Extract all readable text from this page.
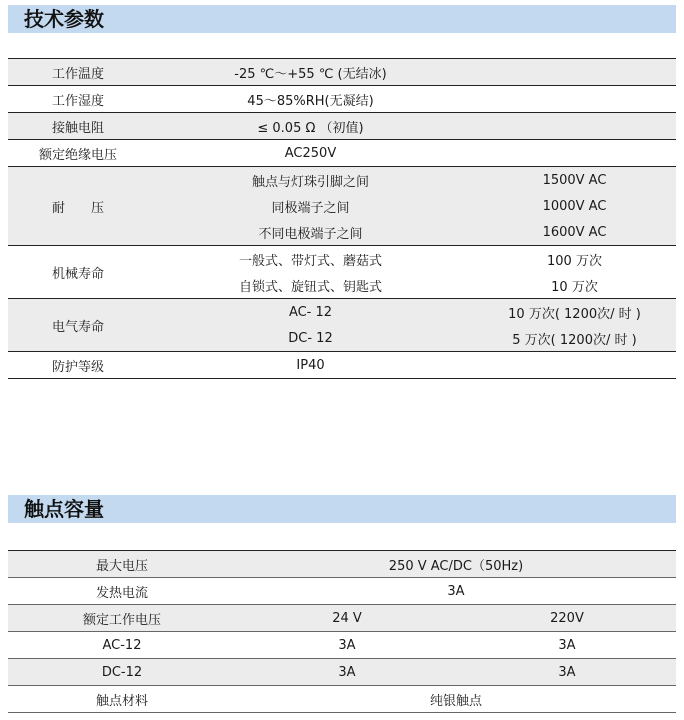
技术参数
工作温度	-25 ℃～+55 ℃ (无结冰)	
工作湿度	45～85%RH(无凝结)	
接触电阻	≤ 0.05 Ω （初值)	
额定绝缘电压	AC250V	
耐　　压	触点与灯珠引脚之间	1500V AC
	同极端子之间	1000V AC
	不同电极端子之间	1600V AC
机械寿命	一般式、带灯式、蘑菇式	100 万次
	自锁式、旋钮式、钥匙式	10 万次
电气寿命	AC- 12	10 万次( 1200次/ 时 )
	DC- 12	5 万次( 1200次/ 时 )
防护等级	IP40	
触点容量
最大电压	250 V AC/DC（50Hz)	
发热电流	3A	
额定工作电压	24 V	220V
AC-12	3A	3A
DC-12	3A	3A
触点材料	纯银触点	
